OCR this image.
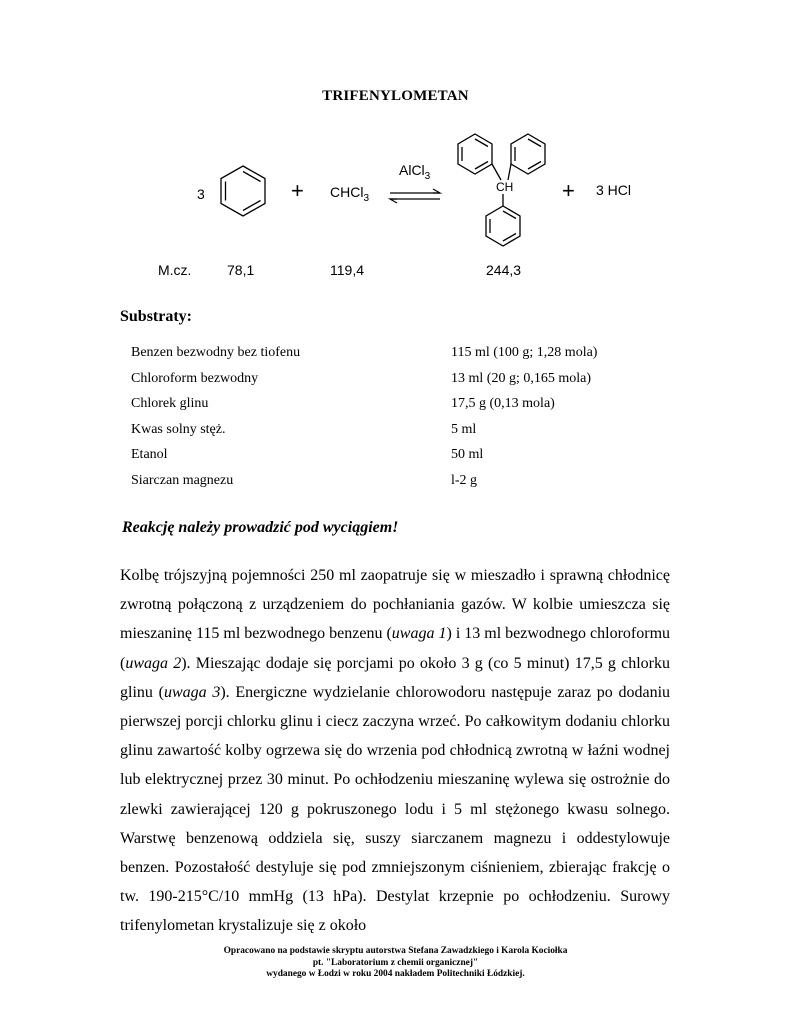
TRIFENYLOMETAN
3	+ CHCl$_3$
AlCl$_3$
CH + 3 HCl
M.cz.	78,1	119,4	244,3
Substraty:
Benzen bezwodny bez tiofenu	115 ml (100 g; 1,28 mola)
Chloroform bezwodny	13 ml (20 g; 0,165 mola)
Chlorek glinu	17,5 g (0,13 mola)
Kwas solny stęż.	5 ml
Etanol	50 ml
Siarczan magnezu	l-2 g
Reakcję należy prowadzić pod wyciągiem!

Kolbę trójszyjną pojemności 250 ml zaopatruje się w mieszadło i sprawną chłodnicę zwrotną połączoną z urządzeniem do pochłaniania gazów. W kolbie umieszcza się mieszaninę 115 ml bezwodnego benzenu (uwaga 1) i 13 ml bezwodnego chloroformu (uwaga 2). Mieszając dodaje się porcjami po około 3 g (co 5 minut) 17,5 g chlorku glinu (uwaga 3). Energiczne wydzielanie chlorowodoru następuje zaraz po dodaniu pierwszej porcji chlorku glinu i ciecz zaczyna wrzeć. Po całkowitym dodaniu chlorku glinu zawartość kolby ogrzewa się do wrzenia pod chłodnicą zwrotną w łaźni wodnej lub elektrycznej przez 30 minut. Po ochłodzeniu mieszaninę wylewa się ostrożnie do zlewki zawierającej 120 g pokruszonego lodu i 5 ml stężonego kwasu solnego. Warstwę benzenową oddziela się, suszy siarczanem magnezu i oddestylowuje benzen. Pozostałość destyluje się pod zmniejszonym ciśnieniem, zbierając frakcję o tw. 190-215°C/10 mmHg (13 hPa). Destylat krzepnie po ochłodzeniu. Surowy trifenylometan krystalizuje się z około

Opracowano na podstawie skryptu autorstwa Stefana Zawadzkiego i Karola Kociołka
pt. "Laboratorium z chemii organicznej"
wydanego w Łodzi w roku 2004 nakładem Politechniki Łódzkiej.
